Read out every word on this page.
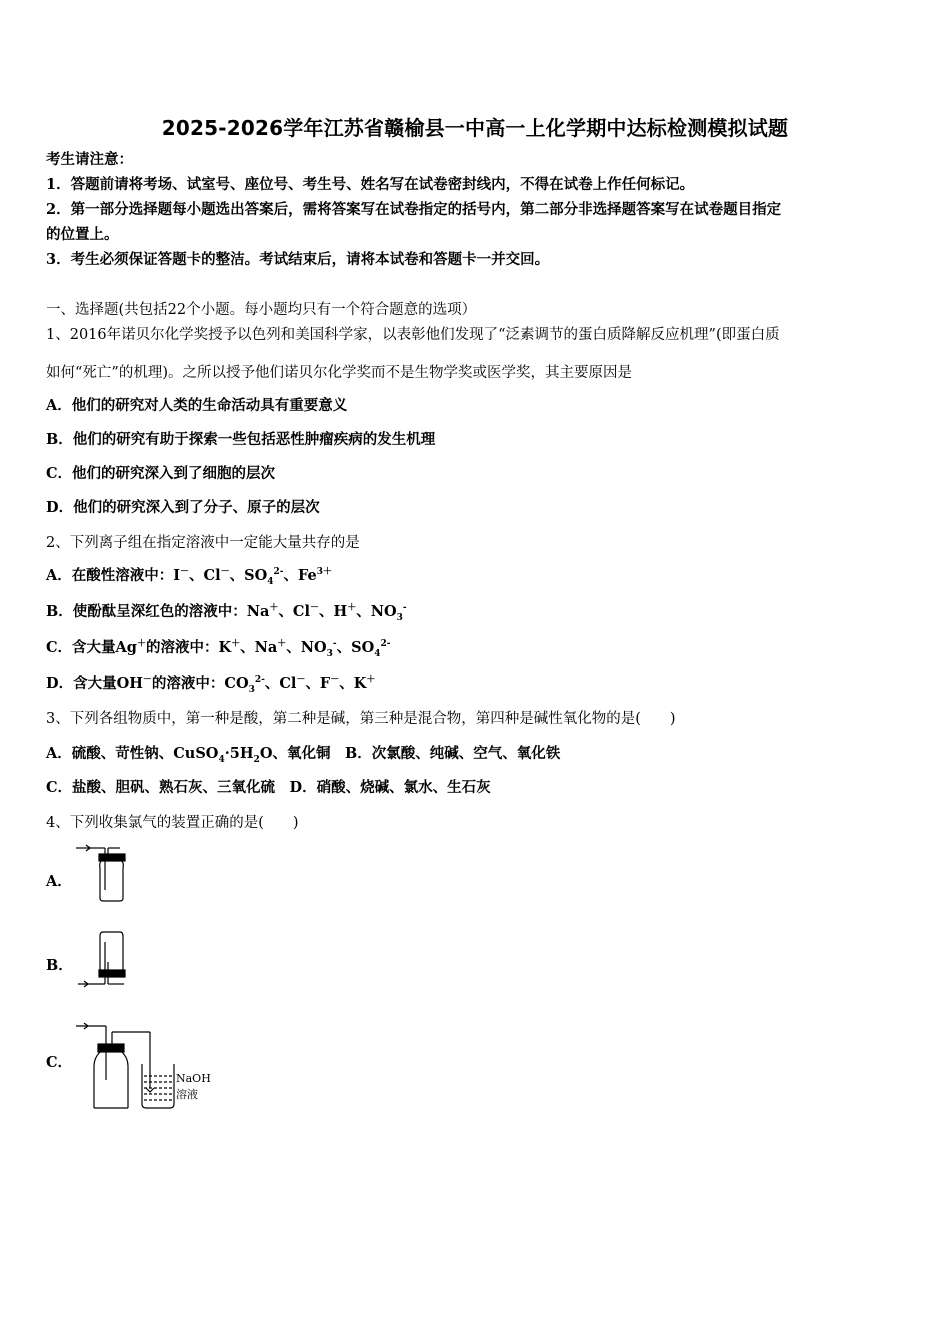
2025-2026学年江苏省赣榆县一中高一上化学期中达标检测模拟试题
考生请注意：
1．答题前请将考场、试室号、座位号、考生号、姓名写在试卷密封线内，不得在试卷上作任何标记。
2．第一部分选择题每小题选出答案后，需将答案写在试卷指定的括号内，第二部分非选择题答案写在试卷题目指定
的位置上。
3．考生必须保证答题卡的整洁。考试结束后，请将本试卷和答题卡一并交回。
一、选择题(共包括22个小题。每小题均只有一个符合题意的选项）
1、2016年诺贝尔化学奖授予以色列和美国科学家，以表彰他们发现了“泛素调节的蛋白质降解反应机理”(即蛋白质
如何“死亡”的机理)。之所以授予他们诺贝尔化学奖而不是生物学奖或医学奖，其主要原因是
A．他们的研究对人类的生命活动具有重要意义
B．他们的研究有助于探索一些包括恶性肿瘤疾病的发生机理
C．他们的研究深入到了细胞的层次
D．他们的研究深入到了分子、原子的层次
2、下列离子组在指定溶液中一定能大量共存的是
A．在酸性溶液中：I－、Cl－、$SO_4^{2-}$、$Fe^{3+}$
B．使酚酞呈深红色的溶液中：Na＋、Cl－、H＋、$NO_3^-$
C．含大量Ag＋的溶液中：K＋、Na＋、$NO_3^-$、$SO_4^{2-}$
D．含大量OH－的溶液中：$CO_3^{2-}$、Cl－、F－、K＋
3、下列各组物质中，第一种是酸，第二种是碱，第三种是混合物，第四种是碱性氧化物的是(　　)
A．硫酸、苛性钠、$CuSO_4\cdot 5H_2O$、氧化铜　B．次氯酸、纯碱、空气、氧化铁
C．盐酸、胆矾、熟石灰、三氧化硫　D．硝酸、烧碱、氯水、生石灰
4、下列收集氯气的装置正确的是(　　)
A．
B．
C．
NaOH
溶液
